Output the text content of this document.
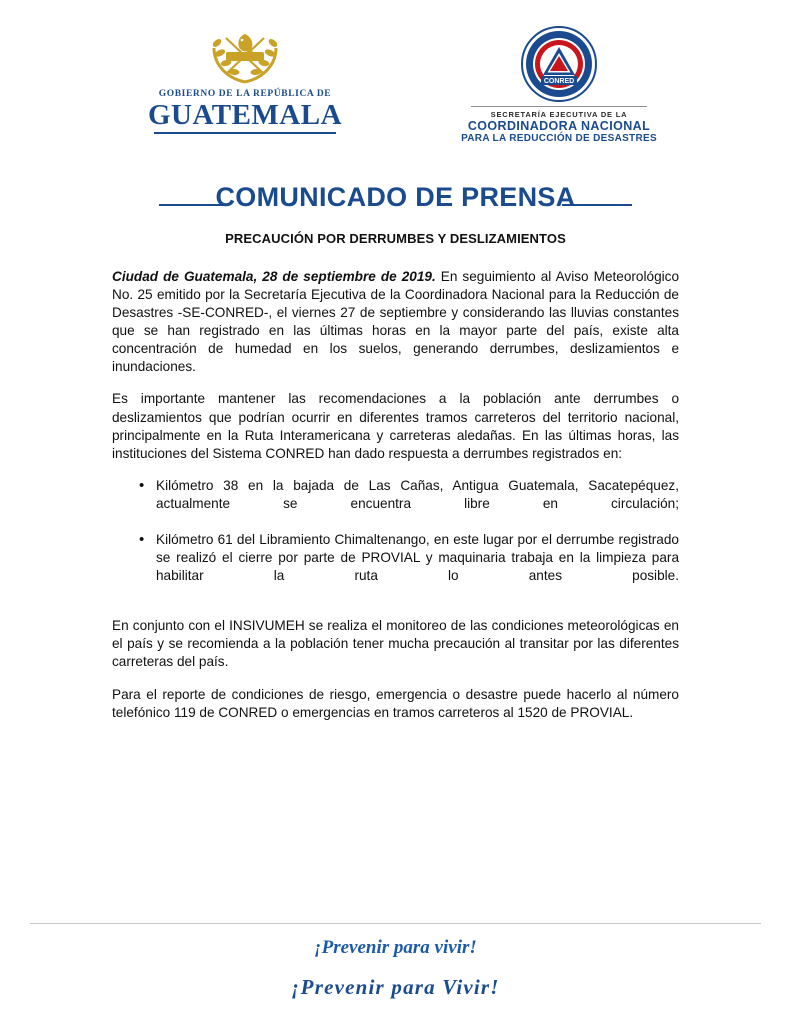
GOBIERNO DE LA REPÚBLICA DE
GUATEMALA
CONRED
SECRETARÍA EJECUTIVA DE LA
COORDINADORA NACIONAL
PARA LA REDUCCIÓN DE DESASTRES
COMUNICADO DE PRENSA
PRECAUCIÓN POR DERRUMBES Y DESLIZAMIENTOS

Ciudad de Guatemala, 28 de septiembre de 2019. En seguimiento al Aviso Meteorológico No. 25 emitido por la Secretaría Ejecutiva de la Coordinadora Nacional para la Reducción de Desastres -SE-CONRED-, el viernes 27 de septiembre y considerando las lluvias constantes que se han registrado en las últimas horas en la mayor parte del país, existe alta concentración de humedad en los suelos, generando derrumbes, deslizamientos e inundaciones.

Es importante mantener las recomendaciones a la población ante derrumbes o deslizamientos que podrían ocurrir en diferentes tramos carreteros del territorio nacional, principalmente en la Ruta Interamericana y carreteras aledañas. En las últimas horas, las instituciones del Sistema CONRED han dado respuesta a derrumbes registrados en:

• Kilómetro 38 en la bajada de Las Cañas, Antigua Guatemala, Sacatepéquez, actualmente se encuentra libre en circulación;
• Kilómetro 61 del Libramiento Chimaltenango, en este lugar por el derrumbe registrado se realizó el cierre por parte de PROVIAL y maquinaria trabaja en la limpieza para habilitar la ruta lo antes posible.

En conjunto con el INSIVUMEH se realiza el monitoreo de las condiciones meteorológicas en el país y se recomienda a la población tener mucha precaución al transitar por las diferentes carreteras del país.

Para el reporte de condiciones de riesgo, emergencia o desastre puede hacerlo al número telefónico 119 de CONRED o emergencias en tramos carreteros al 1520 de PROVIAL.

¡Prevenir para vivir!
¡Prevenir para Vivir!
